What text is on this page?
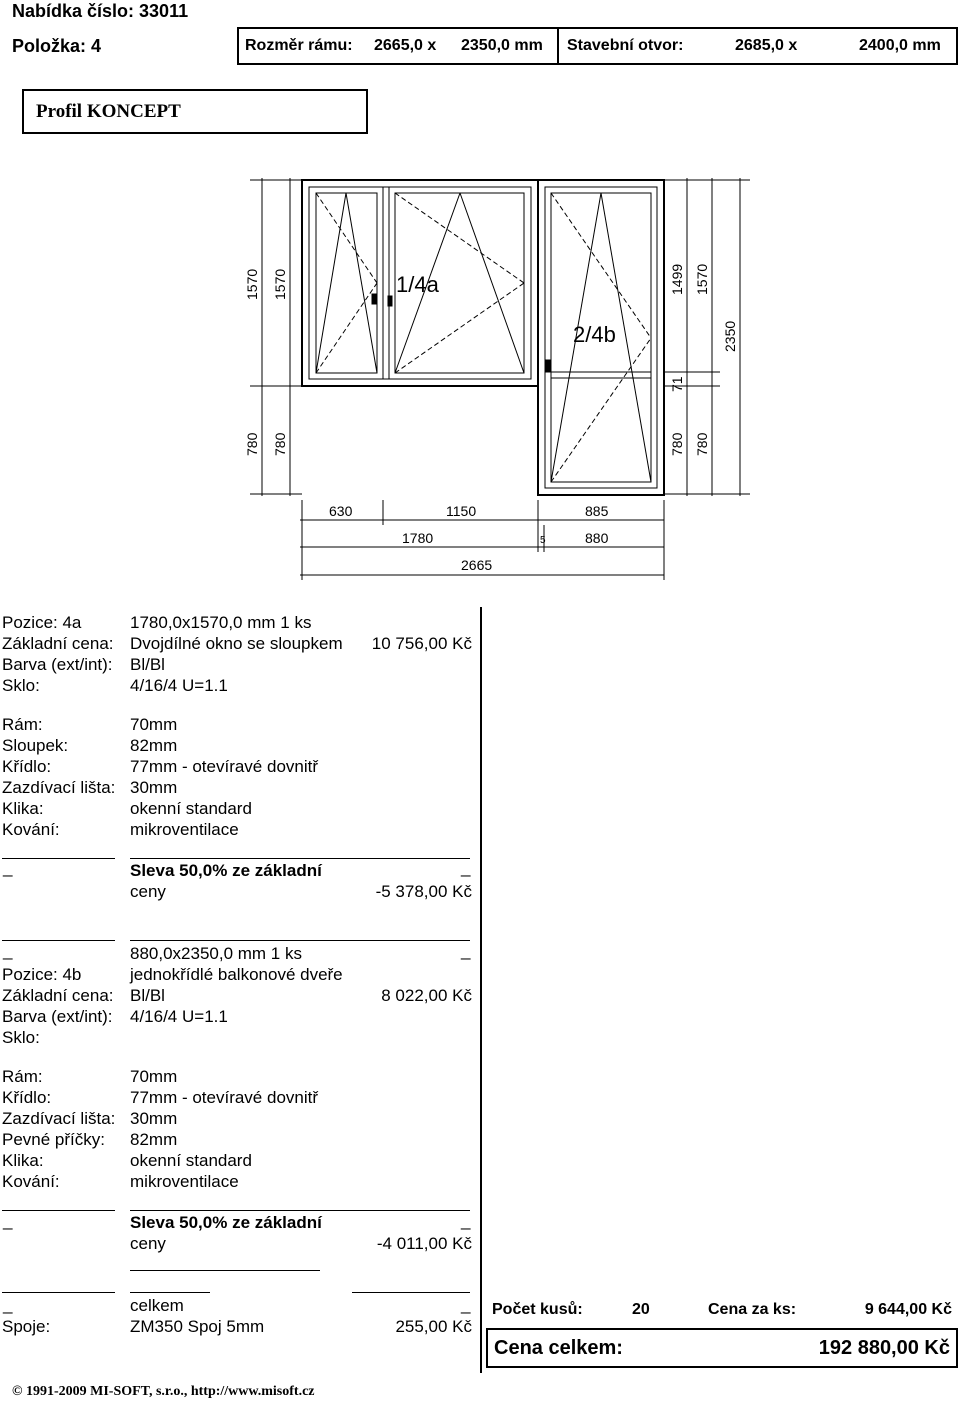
Nabídka číslo: 33011
Položka: 4	Rozměr rámu: 2665,0 x 2350,0 mm Stavební otvor:	2685,0 x	2400,0 mm
Profil KONCEPT
1/4a
2/4b
1570 1570
780 780
1499 1570
2350
71
780 780
630	1150	885
1780	880
5
2665
Pozice: 4a	1780,0x1570,0 mm 1 ks
Základní cena: Dvojdílné okno se sloupkem 10 756,00 Kč
Barva (ext/int): Bl/Bl
Sklo:	4/16/4 U=1.1
Rám:	70mm
Sloupek:	82mm
Křídlo:	77mm - otevíravé dovnitř
Zazdívací lišta: 30mm
Klika:	okenní standard
Kování:	mikroventilace
_	Sleva 50,0% ze základní	_
ceny	-5 378,00 Kč
_	880,0x2350,0 mm 1 ks	_
Pozice: 4b	jednokřídlé balkonové dveře
Základní cena: Bl/Bl	8 022,00 Kč
Barva (ext/int): 4/16/4 U=1.1
Sklo:
Rám:	70mm
Křídlo:	77mm - otevíravé dovnitř
Zazdívací lišta: 30mm
Pevné příčky: 82mm
Klika:	okenní standard
Kování:	mikroventilace
_	Sleva 50,0% ze základní	_
ceny	-4 011,00 Kč
_	celkem	_
Spoje:	ZM350 Spoj 5mm	255,00 Kč
Počet kusů:	20	Cena za ks:	9 644,00 Kč
Cena celkem:	192 880,00 Kč
© 1991-2009 MI-SOFT, s.r.o., http://www.misoft.cz
